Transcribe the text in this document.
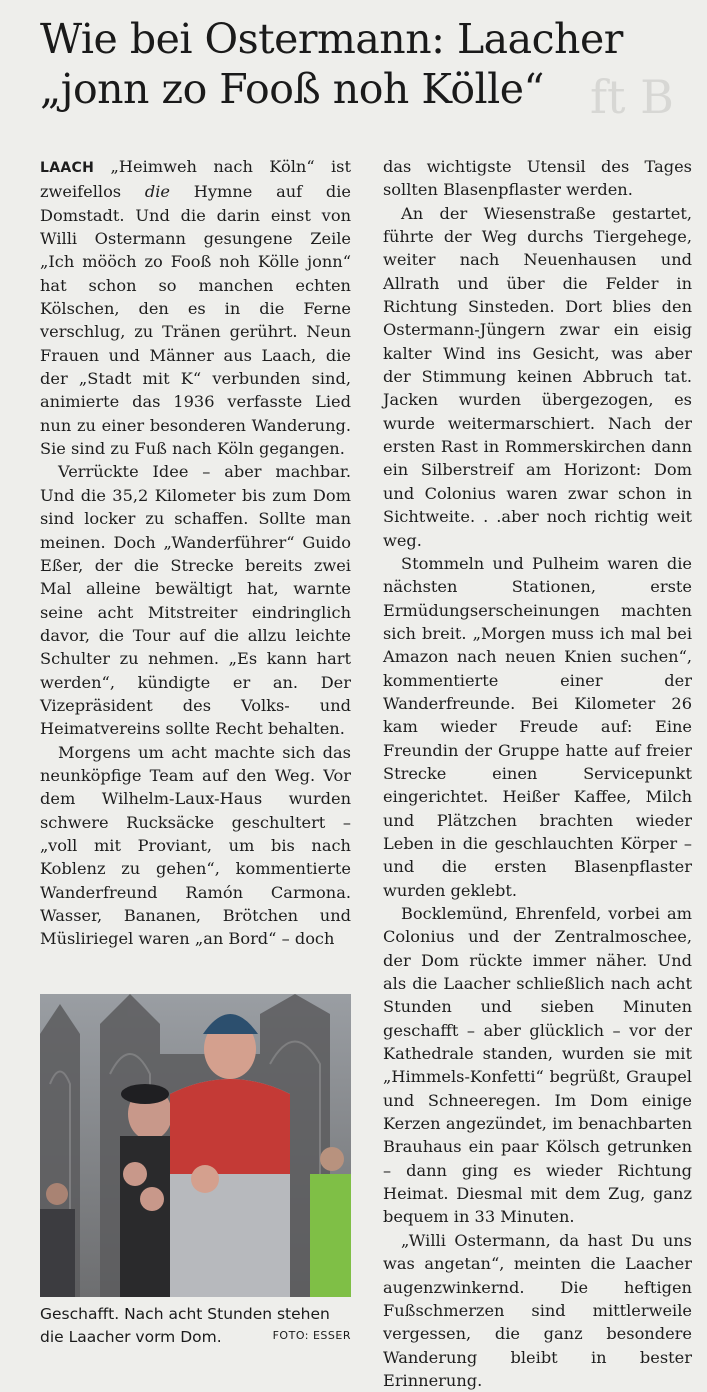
ft B
Wie bei Ostermann: Laacher
„jonn zo Fooß noh Kölle“

LAACH „Heimweh nach Köln“ ist zweifellos die Hymne auf die Domstadt. Und die darin einst von Willi Ostermann gesungene Zeile „Ich mööch zo Fooß noh Kölle jonn“ hat schon so manchen echten Kölschen, den es in die Ferne verschlug, zu Tränen gerührt. Neun Frauen und Männer aus Laach, die der „Stadt mit K“ verbunden sind, animierte das 1936 verfasste Lied nun zu einer besonderen Wanderung. Sie sind zu Fuß nach Köln gegangen.

Verrückte Idee – aber machbar. Und die 35,2 Kilometer bis zum Dom sind locker zu schaffen. Sollte man meinen. Doch „Wanderführer“ Guido Eßer, der die Strecke bereits zwei Mal alleine bewältigt hat, warnte seine acht Mitstreiter eindringlich davor, die Tour auf die allzu leichte Schulter zu nehmen. „Es kann hart werden“, kündigte er an. Der Vizepräsident des Volks- und Heimatvereins sollte Recht behalten.

Morgens um acht machte sich das neunköpfige Team auf den Weg. Vor dem Wilhelm-Laux-Haus wurden schwere Rucksäcke geschultert – „voll mit Proviant, um bis nach Koblenz zu gehen“, kommentierte Wanderfreund Ramón Carmona. Wasser, Bananen, Brötchen und Müsliriegel waren „an Bord“ – doch

Geschafft. Nach acht Stunden stehen
die Laacher vorm Dom.	FOTO: ESSER

das wichtigste Utensil des Tages sollten Blasenpflaster werden.

An der Wiesenstraße gestartet, führte der Weg durchs Tiergehege, weiter nach Neuenhausen und Allrath und über die Felder in Richtung Sinsteden. Dort blies den Ostermann-Jüngern zwar ein eisig kalter Wind ins Gesicht, was aber der Stimmung keinen Abbruch tat. Jacken wurden übergezogen, es wurde weitermarschiert. Nach der ersten Rast in Rommerskirchen dann ein Silberstreif am Horizont: Dom und Colonius waren zwar schon in Sichtweite. . .aber noch richtig weit weg.

Stommeln und Pulheim waren die nächsten Stationen, erste Ermüdungserscheinungen machten sich breit. „Morgen muss ich mal bei Amazon nach neuen Knien suchen“, kommentierte einer der Wanderfreunde. Bei Kilometer 26 kam wieder Freude auf: Eine Freundin der Gruppe hatte auf freier Strecke einen Servicepunkt eingerichtet. Heißer Kaffee, Milch und Plätzchen brachten wieder Leben in die geschlauchten Körper – und die ersten Blasenpflaster wurden geklebt.

Bocklemünd, Ehrenfeld, vorbei am Colonius und der Zentralmoschee, der Dom rückte immer näher. Und als die Laacher schließlich nach acht Stunden und sieben Minuten geschafft – aber glücklich – vor der Kathedrale standen, wurden sie mit „Himmels-Konfetti“ begrüßt, Graupel und Schneeregen. Im Dom einige Kerzen angezündet, im benachbarten Brauhaus ein paar Kölsch getrunken – dann ging es wieder Richtung Heimat. Diesmal mit dem Zug, ganz bequem in 33 Minuten.

„Willi Ostermann, da hast Du uns was angetan“, meinten die Laacher augenzwinkernd. Die heftigen Fußschmerzen sind mittlerweile vergessen, die ganz besondere Wanderung bleibt in bester Erinnerung.
